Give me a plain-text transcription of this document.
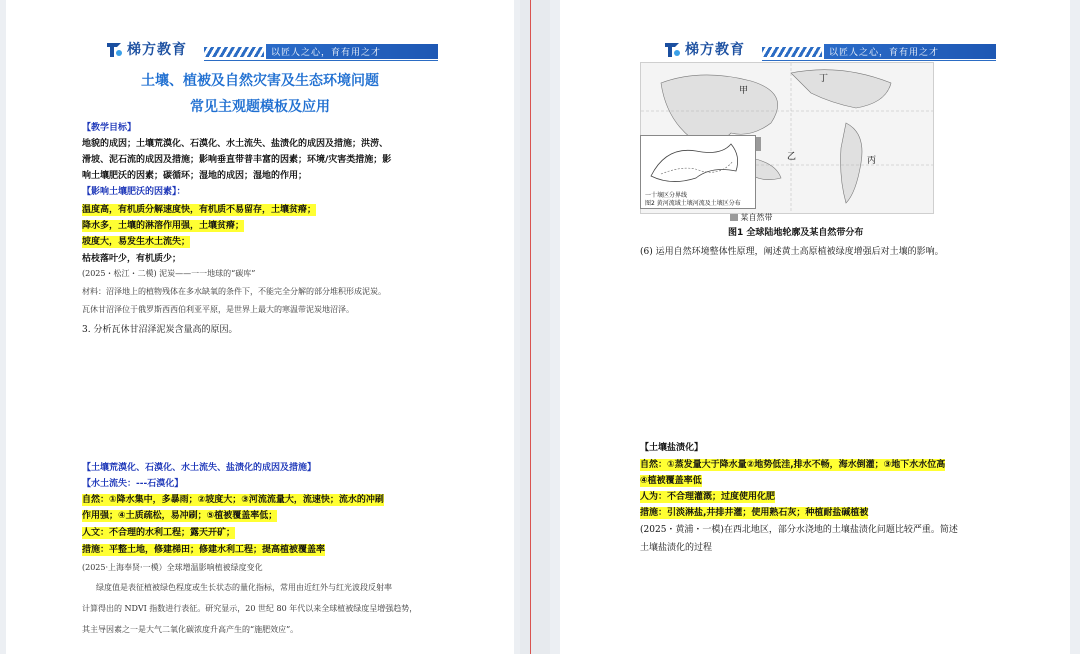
梯方教育	以匠人之心，育有用之才
土壤、植被及自然灾害及生态环境问题
常见主观题模板及应用
【教学目标】
地貌的成因；土壤荒漠化、石漠化、水土流失、盐渍化的成因及措施；洪涝、
滑坡、泥石流的成因及措施；影响垂直带普丰富的因素；环境/灾害类措施；影
响土壤肥沃的因素；碳循环；湿地的成因；湿地的作用；
【影响土壤肥沃的因素】：
温度高，有机质分解速度快，有机质不易留存，土壤贫瘠；
降水多，土壤的淋溶作用强，土壤贫瘠；
坡度大，易发生水土流失；
枯枝落叶少，有机质少；
(2025・松江・二模) 泥炭——一一地球的“碳库”
材料：沼泽地上的植物残体在多水缺氧的条件下，不能完全分解的部分堆积形成泥炭。
瓦休甘沼泽位于俄罗斯西西伯利亚平原，是世界上最大的寒温带泥炭地沼泽。
3. 分析瓦休甘沼泽泥炭含量高的原因。
【土壤荒漠化、石漠化、水土流失、盐渍化的成因及措施】
【水土流失：---石漠化】
自然：①降水集中，多暴雨；②坡度大；③河流流量大，流速快；流水的冲刷
作用强；④土质疏松，易冲刷；⑤植被覆盖率低；
人文：不合理的水利工程；露天开矿；
措施：平整土地，修建梯田；修建水利工程；提高植被覆盖率
(2025·上海奉贤·一模）全球增温影响植被绿度变化
绿度值是表征植被绿色程度或生长状态的量化指标，常用由近红外与红光波段反射率
计算得出的 NDVI 指数进行表征。研究显示，20 世纪 80 年代以来全球植被绿度呈增强趋势，
其主导因素之一是大气二氧化碳浓度升高产生的“施肥效应”。
梯方教育	以匠人之心，育有用之才
甲
丁
乙	丙
一十壤区分界线
图2 黄河流域土壤河流及土壤区分布
某自然带
图1 全球陆地轮廓及某自然带分布
(6) 运用自然环境整体性原理，阐述黄土高原植被绿度增强后对土壤的影响。
【土壤盐渍化】
自然：①蒸发量大于降水量②地势低洼,排水不畅，海水倒灌；③地下水水位高
④植被覆盖率低
人为：不合理灌溉；过度使用化肥
措施：引淡淋盐,井排井灌；使用熟石灰；种植耐盐碱植被
(2025・黄浦・一模)在西北地区，部分水浇地的土壤盐渍化问题比较严重。简述
土壤盐渍化的过程
